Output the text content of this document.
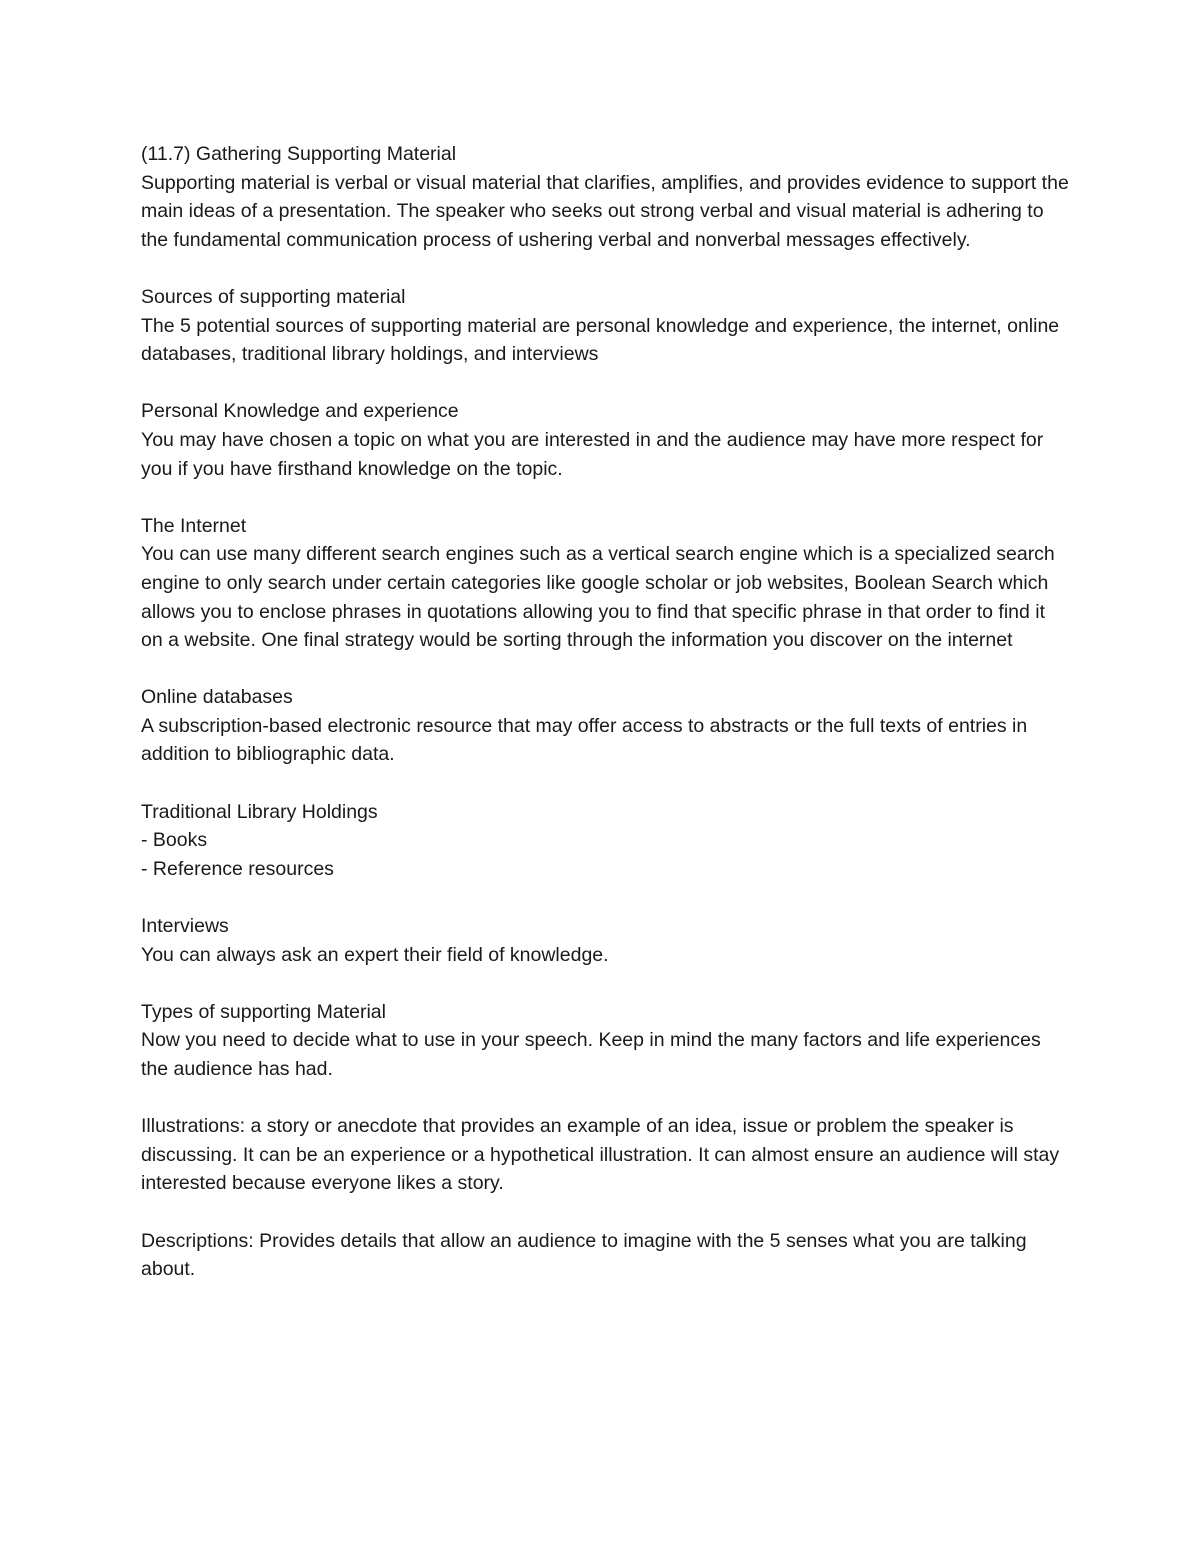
(11.7) Gathering Supporting Material
Supporting material is verbal or visual material that clarifies, amplifies, and provides evidence to support the main ideas of a presentation. The speaker who seeks out strong verbal and visual material is adhering to the fundamental communication process of ushering verbal and nonverbal messages effectively.
Sources of supporting material
The 5 potential sources of supporting material are personal knowledge and experience, the internet, online databases, traditional library holdings, and interviews
Personal Knowledge and experience
You may have chosen a topic on what you are interested in and the audience may have more respect for you if you have firsthand knowledge on the topic.
The Internet
You can use many different search engines such as a vertical search engine which is a specialized search engine to only search under certain categories like google scholar or job websites, Boolean Search which allows you to enclose phrases in quotations allowing you to find that specific phrase in that order to find it on a website. One final strategy would be sorting through the information you discover on the internet
Online databases
A subscription-based electronic resource that may offer access to abstracts or the full texts of entries in addition to bibliographic data.
Traditional Library Holdings
- Books
- Reference resources
Interviews
You can always ask an expert their field of knowledge.
Types of supporting Material
Now you need to decide what to use in your speech. Keep in mind the many factors and life experiences the audience has had.
Illustrations: a story or anecdote that provides an example of an idea, issue or problem the speaker is discussing. It can be an experience or a hypothetical illustration. It can almost ensure an audience will stay interested because everyone likes a story.
Descriptions: Provides details that allow an audience to imagine with the 5 senses what you are talking about.
